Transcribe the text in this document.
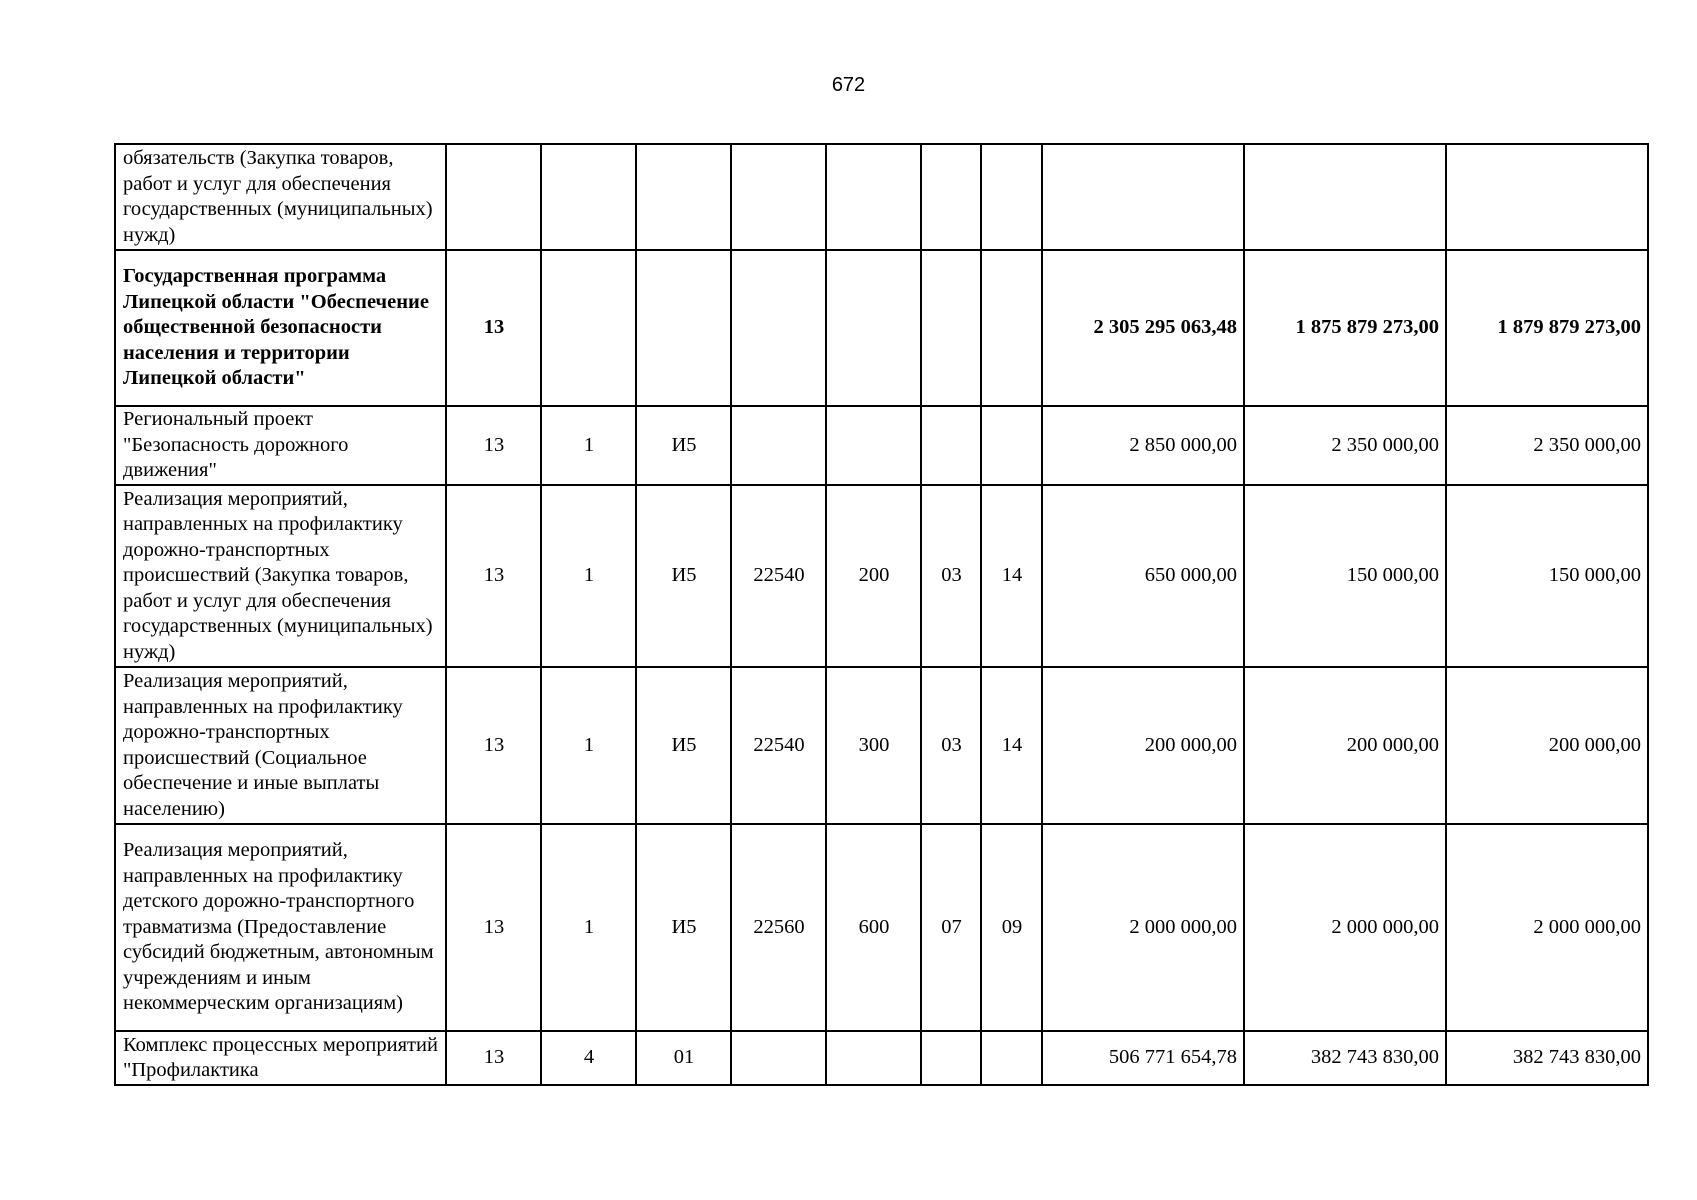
672
обязательств (Закупка товаров, работ и услуг для обеспечения государственных (муниципальных) нужд)										
Государственная программа Липецкой области "Обеспечение общественной безопасности населения и территории Липецкой области"	13							2 305 295 063,48	1 875 879 273,00	1 879 879 273,00
Региональный проект "Безопасность дорожного движения"	13	1	И5					2 850 000,00	2 350 000,00	2 350 000,00
Реализация мероприятий, направленных на профилактику дорожно-транспортных происшествий (Закупка товаров, работ и услуг для обеспечения государственных (муниципальных) нужд)	13	1	И5	22540	200	03	14	650 000,00	150 000,00	150 000,00
Реализация мероприятий, направленных на профилактику дорожно-транспортных происшествий (Социальное обеспечение и иные выплаты населению)	13	1	И5	22540	300	03	14	200 000,00	200 000,00	200 000,00
Реализация мероприятий, направленных на профилактику детского дорожно-транспортного травматизма (Предоставление субсидий бюджетным, автономным учреждениям и иным некоммерческим организациям)	13	1	И5	22560	600	07	09	2 000 000,00	2 000 000,00	2 000 000,00
Комплекс процессных мероприятий "Профилактика	13	4	01					506 771 654,78	382 743 830,00	382 743 830,00
